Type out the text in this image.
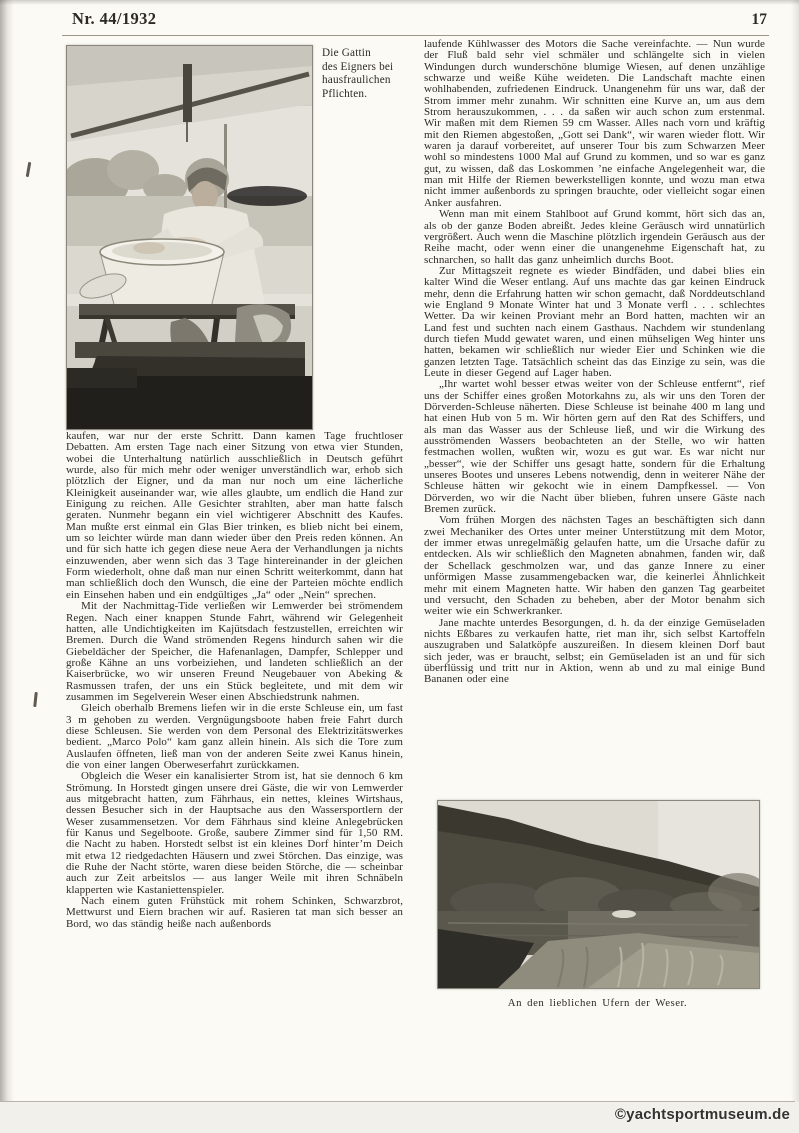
Nr. 44/1932	17
Die Gattin
des Eigners bei
hausfraulichen
Pflichten.

kaufen, war nur der erste Schritt. Dann kamen Tage fruchtloser Debatten. Am ersten Tage nach einer Sitzung von etwa vier Stunden, wobei die Unterhaltung natürlich ausschließlich in Deutsch geführt wurde, also für mich mehr oder weniger unverständlich war, erhob sich plötzlich der Eigner, und da man nur noch um eine lächerliche Kleinigkeit auseinander war, wie alles glaubte, um endlich die Hand zur Einigung zu reichen. Alle Gesichter strahlten, aber man hatte falsch geraten. Nunmehr begann ein viel wichtigerer Abschnitt des Kaufes. Man mußte erst einmal ein Glas Bier trinken, es blieb nicht bei einem, um so leichter würde man dann wieder über den Preis reden können. An und für sich hatte ich gegen diese neue Aera der Verhandlungen ja nichts einzuwenden, aber wenn sich das 3 Tage hintereinander in der gleichen Form wiederholt, ohne daß man nur einen Schritt weiterkommt, dann hat man schließlich doch den Wunsch, die eine der Parteien möchte endlich ein Einsehen haben und ein endgültiges „Ja“ oder „Nein“ sprechen.

Mit der Nachmittag-Tide verließen wir Lemwerder bei strömendem Regen. Nach einer knappen Stunde Fahrt, während wir Gelegenheit hatten, alle Undichtigkeiten im Kajütsdach festzustellen, erreichten wir Bremen. Durch die Wand strömenden Regens hindurch sahen wir die Giebeldächer der Speicher, die Hafenanlagen, Dampfer, Schlepper und große Kähne an uns vorbeiziehen, und landeten schließlich an der Kaiserbrücke, wo wir unseren Freund Neugebauer von Abeking & Rasmussen trafen, der uns ein Stück begleitete, und mit dem wir zusammen im Segelverein Weser einen Abschiedstrunk nahmen.

Gleich oberhalb Bremens liefen wir in die erste Schleuse ein, um fast 3 m gehoben zu werden. Vergnügungsboote haben freie Fahrt durch diese Schleusen. Sie werden von dem Personal des Elektrizitätswerkes bedient. „Marco Polo“ kam ganz allein hinein. Als sich die Tore zum Auslaufen öffneten, ließ man von der anderen Seite zwei Kanus hinein, die von einer langen Oberweserfahrt zurückkamen.

Obgleich die Weser ein kanalisierter Strom ist, hat sie dennoch 6 km Strömung. In Horstedt gingen unsere drei Gäste, die wir von Lemwerder aus mitgebracht hatten, zum Fährhaus, ein nettes, kleines Wirtshaus, dessen Besucher sich in der Hauptsache aus den Wassersportlern der Weser zusammensetzen. Vor dem Fährhaus sind kleine Anlegebrücken für Kanus und Segelboote. Große, saubere Zimmer sind für 1,50 RM. die Nacht zu haben. Horstedt selbst ist ein kleines Dorf hinter’m Deich mit etwa 12 riedgedachten Häusern und zwei Störchen. Das einzige, was die Ruhe der Nacht störte, waren diese beiden Störche, die — scheinbar auch zur Zeit arbeitslos — aus langer Weile mit ihren Schnäbeln klapperten wie Kastaniettenspieler.

Nach einem guten Frühstück mit rohem Schinken, Schwarzbrot, Mettwurst und Eiern brachen wir auf. Rasieren tat man sich besser an Bord, wo das ständig heiße nach außenbords

laufende Kühlwasser des Motors die Sache vereinfachte. — Nun wurde der Fluß bald sehr viel schmäler und schlängelte sich in vielen Windungen durch wunderschöne blumige Wiesen, auf denen unzählige schwarze und weiße Kühe weideten. Die Landschaft machte einen wohlhabenden, zufriedenen Eindruck. Unangenehm für uns war, daß der Strom immer mehr zunahm. Wir schnitten eine Kurve an, um aus dem Strom herauszukommen, . . . da saßen wir auch schon zum erstenmal. Wir maßen mit dem Riemen 59 cm Wasser. Alles nach vorn und kräftig mit den Riemen abgestoßen, „Gott sei Dank“, wir waren wieder flott. Wir waren ja darauf vorbereitet, auf unserer Tour bis zum Schwarzen Meer wohl so mindestens 1000 Mal auf Grund zu kommen, und so war es ganz gut, zu wissen, daß das Loskommen ’ne einfache Angelegenheit war, die man mit Hilfe der Riemen bewerkstelligen konnte, und wozu man etwa nicht immer außenbords zu springen brauchte, oder vielleicht sogar einen Anker ausfahren.

Wenn man mit einem Stahlboot auf Grund kommt, hört sich das an, als ob der ganze Boden abreißt. Jedes kleine Geräusch wird unnatürlich vergrößert. Auch wenn die Maschine plötzlich irgendein Geräusch aus der Reihe macht, oder wenn einer die unangenehme Eigenschaft hat, zu schnarchen, so hallt das ganz unheimlich durchs Boot.

Zur Mittagszeit regnete es wieder Bindfäden, und dabei blies ein kalter Wind die Weser entlang. Auf uns machte das gar keinen Eindruck mehr, denn die Erfahrung hatten wir schon gemacht, daß Norddeutschland wie England 9 Monate Winter hat und 3 Monate verfl . . . schlechtes Wetter. Da wir keinen Proviant mehr an Bord hatten, machten wir an Land fest und suchten nach einem Gasthaus. Nachdem wir stundenlang durch tiefen Mudd gewatet waren, und einen mühseligen Weg hinter uns hatten, bekamen wir schließlich nur wieder Eier und Schinken wie die ganzen letzten Tage. Tatsächlich scheint das das Einzige zu sein, was die Leute in dieser Gegend auf Lager haben.

„Ihr wartet wohl besser etwas weiter von der Schleuse entfernt“, rief uns der Schiffer eines großen Motorkahns zu, als wir uns den Toren der Dörverden-Schleuse näherten. Diese Schleuse ist beinahe 400 m lang und hat einen Hub von 5 m. Wir hörten gern auf den Rat des Schiffers, und als man das Wasser aus der Schleuse ließ, und wir die Wirkung des ausströmenden Wassers beobachteten an der Stelle, wo wir hatten festmachen wollen, wußten wir, wozu es gut war. Es war nicht nur „besser“, wie der Schiffer uns gesagt hatte, sondern für die Erhaltung unseres Bootes und unseres Lebens notwendig, denn in weiterer Nähe der Schleuse hätten wir gekocht wie in einem Dampfkessel. — Von Dörverden, wo wir die Nacht über blieben, fuhren unsere Gäste nach Bremen zurück.

Vom frühen Morgen des nächsten Tages an beschäftigten sich dann zwei Mechaniker des Ortes unter meiner Unterstützung mit dem Motor, der immer etwas unregelmäßig gelaufen hatte, um die Ursache dafür zu entdecken. Als wir schließlich den Magneten abnahmen, fanden wir, daß der Schellack geschmolzen war, und das ganze Innere zu einer unförmigen Masse zusammengebacken war, die keinerlei Ähnlichkeit mehr mit einem Magneten hatte. Wir haben den ganzen Tag gearbeitet und versucht, den Schaden zu beheben, aber der Motor benahm sich weiter wie ein Schwerkranker.

Jane machte unterdes Besorgungen, d. h. da der einzige Gemüseladen nichts Eßbares zu verkaufen hatte, riet man ihr, sich selbst Kartoffeln auszugraben und Salatköpfe auszureißen. In diesem kleinen Dorf baut sich jeder, was er braucht, selbst; ein Gemüseladen ist an und für sich überflüssig und tritt nur in Aktion, wenn ab und zu mal einige Bund Bananen oder eine

An den lieblichen Ufern der Weser.
©yachtsportmuseum.de
